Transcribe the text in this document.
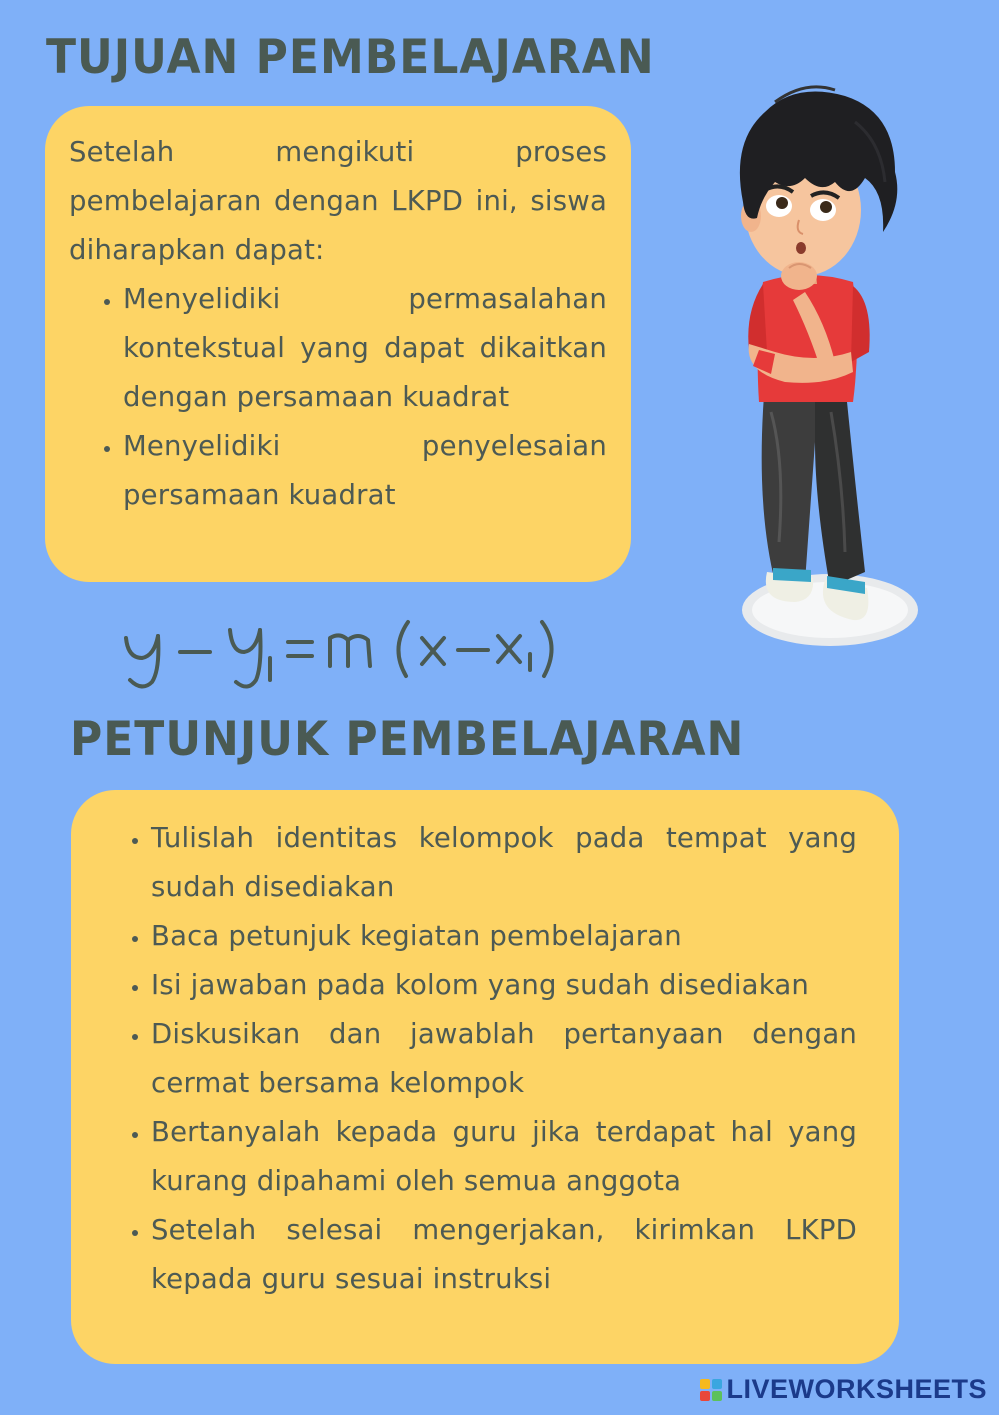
TUJUAN PEMBELAJARAN

Setelah mengikuti proses pembelajaran dengan LKPD ini, siswa diharapkan dapat:

• Menyelidiki permasalahan kontekstual yang dapat dikaitkan dengan persamaan kuadrat
• Menyelidiki penyelesaian persamaan kuadrat
LIVEWORKSHEETS
PETUNJUK PEMBELAJARAN
• Tulislah identitas kelompok pada tempat yang sudah disediakan
• Baca petunjuk kegiatan pembelajaran
• Isi jawaban pada kolom yang sudah disediakan
• Diskusikan dan jawablah pertanyaan dengan cermat bersama kelompok
• Bertanyalah kepada guru jika terdapat hal yang kurang dipahami oleh semua anggota
• Setelah selesai mengerjakan, kirimkan LKPD kepada guru sesuai instruksi
